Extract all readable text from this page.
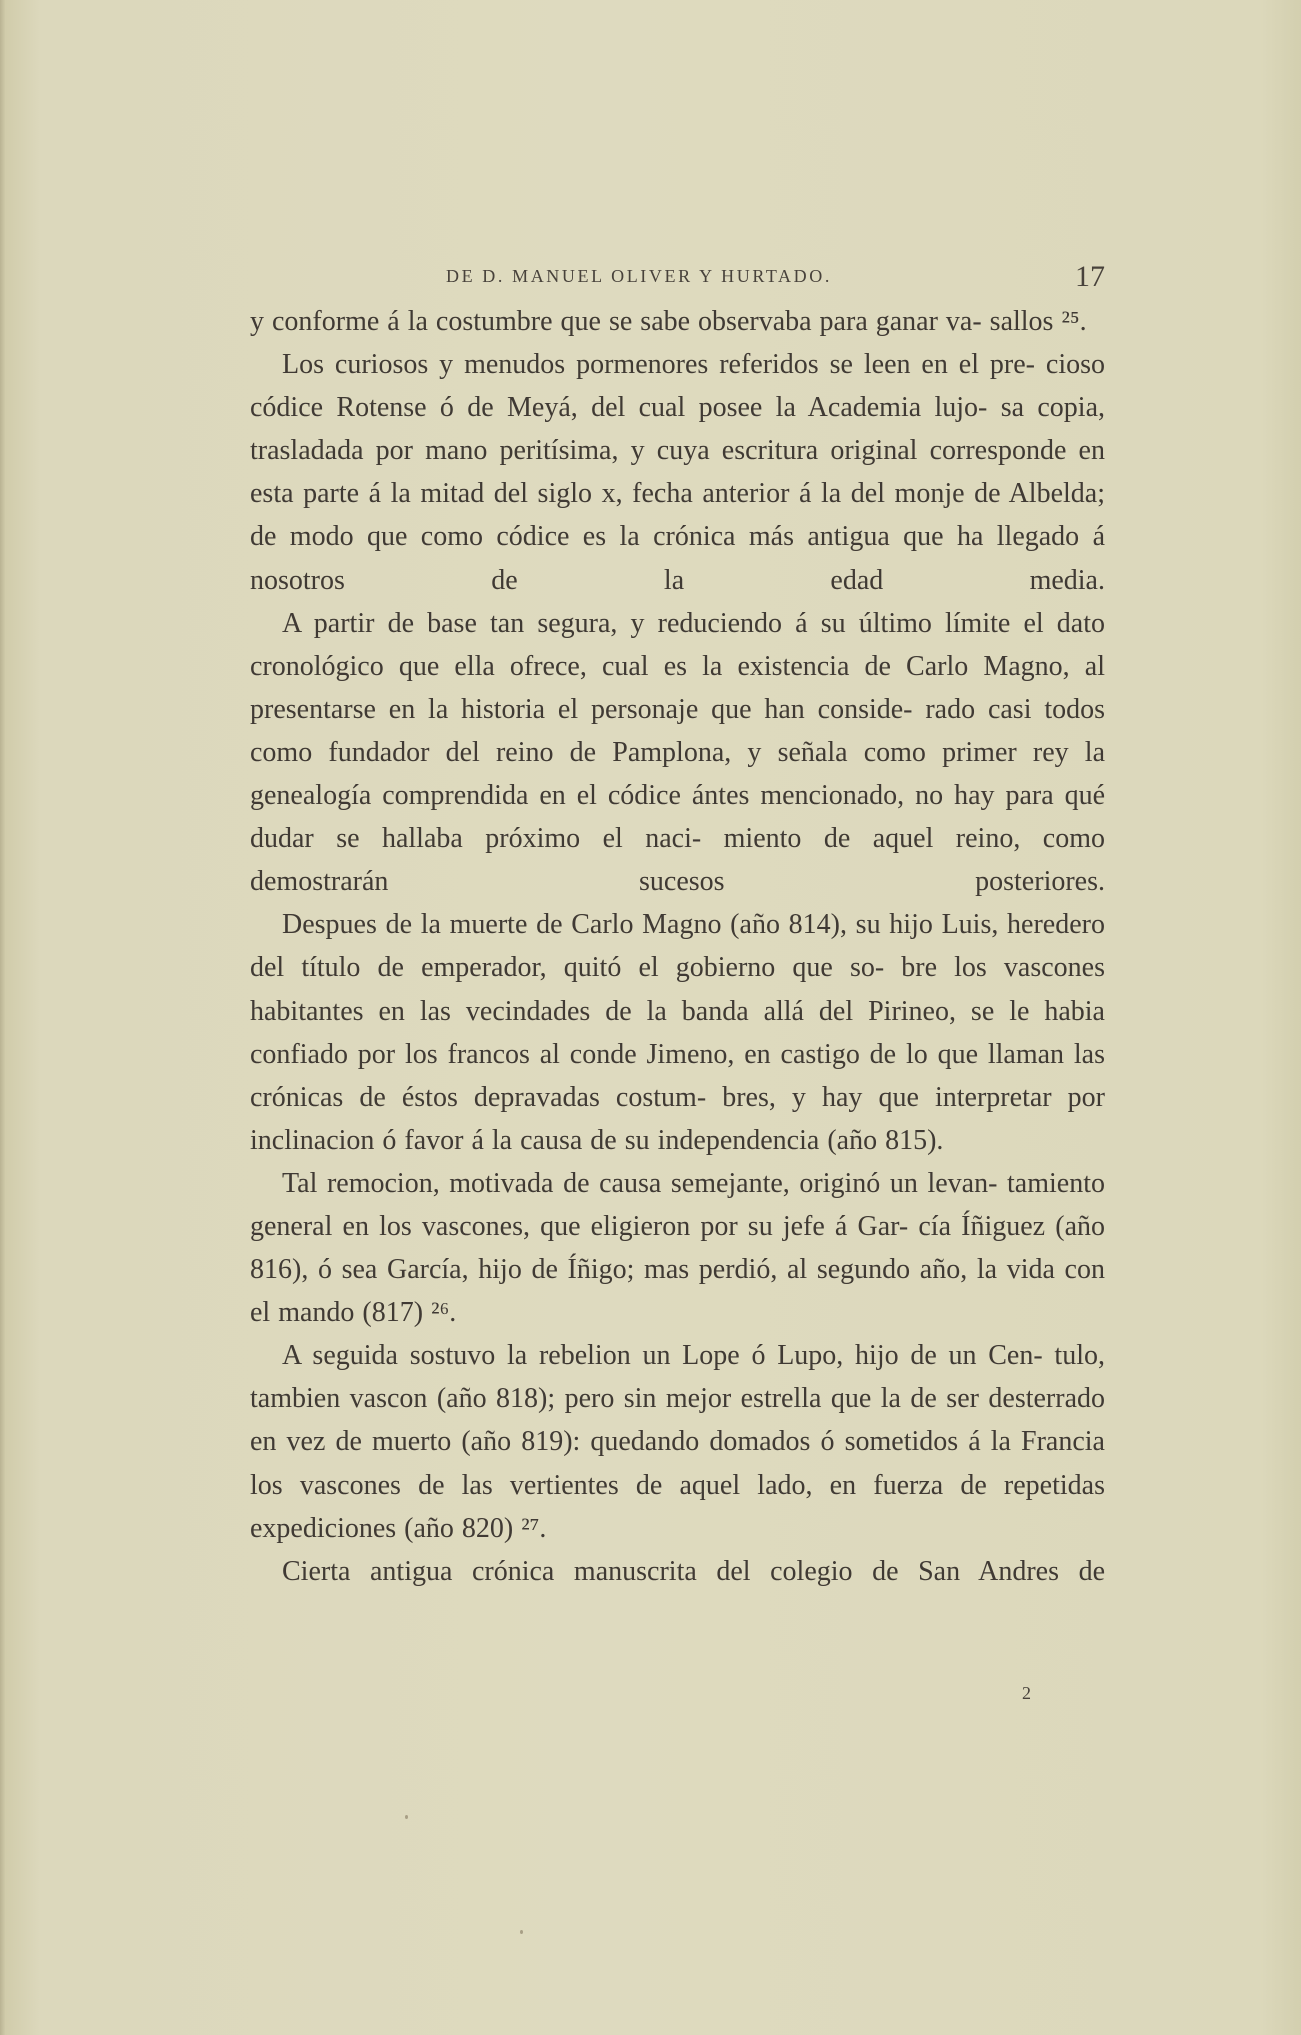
DE D. MANUEL OLIVER Y HURTADO.	17

y conforme á la costumbre que se sabe observaba para ganar va- sallos ²⁵.

Los curiosos y menudos pormenores referidos se leen en el pre- cioso códice Rotense ó de Meyá, del cual posee la Academia lujo- sa copia, trasladada por mano peritísima, y cuya escritura original corresponde en esta parte á la mitad del siglo x, fecha anterior á la del monje de Albelda; de modo que como códice es la crónica más antigua que ha llegado á nosotros de la edad media.

A partir de base tan segura, y reduciendo á su último límite el dato cronológico que ella ofrece, cual es la existencia de Carlo Magno, al presentarse en la historia el personaje que han conside- rado casi todos como fundador del reino de Pamplona, y señala como primer rey la genealogía comprendida en el códice ántes mencionado, no hay para qué dudar se hallaba próximo el naci- miento de aquel reino, como demostrarán sucesos posteriores.

Despues de la muerte de Carlo Magno (año 814), su hijo Luis, heredero del título de emperador, quitó el gobierno que so- bre los vascones habitantes en las vecindades de la banda allá del Pirineo, se le habia confiado por los francos al conde Jimeno, en castigo de lo que llaman las crónicas de éstos depravadas costum- bres, y hay que interpretar por inclinacion ó favor á la causa de su independencia (año 815).

Tal remocion, motivada de causa semejante, originó un levan- tamiento general en los vascones, que eligieron por su jefe á Gar- cía Íñiguez (año 816), ó sea García, hijo de Íñigo; mas perdió, al segundo año, la vida con el mando (817) ²⁶.

A seguida sostuvo la rebelion un Lope ó Lupo, hijo de un Cen- tulo, tambien vascon (año 818); pero sin mejor estrella que la de ser desterrado en vez de muerto (año 819): quedando domados ó sometidos á la Francia los vascones de las vertientes de aquel lado, en fuerza de repetidas expediciones (año 820) ²⁷.

Cierta antigua crónica manuscrita del colegio de San Andres de

2
